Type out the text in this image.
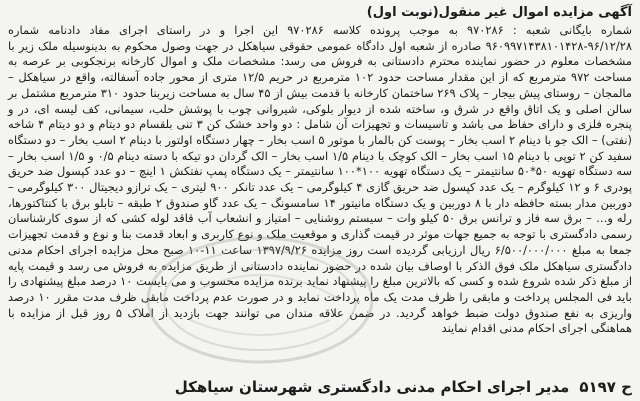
آگهی مزایده اموال غیر منقول(نوبت اول)

شماره بایگانی شعبه : ۹۷۰۲۸۶ به موجب پرونده کلاسه ۹۷۰۲۸۶ این اجرا و در راستای اجرای مفاد دادنامه شماره ۹۶/۱۲/۲۸-۹۶۰۹۹۷۱۴۳۸۱۰۱۴۲۸ صادره از شعبه اول دادگاه عمومی حقوقی سیاهکل در جهت وصول محکوم به بدینوسیله ملک زیر با مشخصات معلوم در حضور نماینده محترم دادستانی به فروش می رسد: مشخصات ملک و اموال کارخانه برنجکوبی بر عرصه به مساحت ۹۷۲ مترمربع که از این مقدار مساحت حدود ۱۰۲ مترمربع در حریم ۱۲/۵ متری از محور جاده آسفالته، واقع در سیاهکل – مالمجان – روستای پیش بیجار – پلاک ۲۶۹ ساختمان کارخانه با قدمت بیش از ۴۵ سال به مساحت زیربنا حدود ۳۱۰ مترمربع مشتمل بر سالن اصلی و یک اتاق واقع در شرق و، ساخته شده از دیوار بلوکی، شیروانی چوب با پوشش حلب، سیمانی، کف لیسه ای، در و پنجره فلزی و دارای حفاظ می باشد و تاسیسات و تجهیزات آن شامل : دو واحد خشک کن ۳ تنی بلقسام دو دیتام و دو دیتام ۴ شاخه (نفتی) – الک جو با دینام ۲ اسب بخار – پوست کن بالمار با موتور ۵ اسب بخار – چهار دستگاه اولتور با دینام ۲ اسب بخار – دو دستگاه سفید کن ۲ توپی با دینام ۱۵ اسب بخار – الک کوچک با دینام ۱/۵ اسب بخار – الک گردان دو تیکه با دسته دینام ۰/۵ و ۱/۵ اسب بخار – سه دستگاه تهویه ۵۰*۵۰ سانتیمتر – یک دستگاه تهویه ۱۰۰*۱۰۰ سانتیمتر – یک دستگاه پمپ نفتکش ۱ اینچ – دو عدد کپسول ضد حریق پودری ۶ و ۱۲ کیلوگرم – یک عدد کپسول ضد حریق گازی ۴ کیلوگرمی – یک عدد تانکر ۹۰۰ لیتری – یک ترازو دیجیتال ۳۰۰ کیلوگرمی – دوربین مدار بسته حافظه دار با ۸ دوربین و یک دستگاه مانیتور ۱۴ سامسونگ – یک عدد گاو صندوق ۲ طبقه – تابلو برق با کنتاکتورها، رله و… – برق سه فاز و ترانس برق ۵۰ کیلو وات – سیستم روشنایی – امتیاز و انشعاب آب قاقد لوله کشی که از سوی کارشناسان رسمی دادگستری با توجه به جمیع جهات موثر در قیمت گذاری و موقعیت ملک و نوع کاربری و ابعاد قدمت بنا و نوع و قدمت تجهیزات جمعا به مبلغ ۶/۵۰۰/۰۰۰/۰۰۰ ریال ارزیابی گردیده است روز مزایده ۱۳۹۷/۹/۲۶ ساعت ۱۱-۱۰ صبح محل مزایده اجرای احکام مدنی دادگستری سیاهکل ملک فوق الذکر با اوصاف بیان شده در حضور نماینده دادستانی از طریق مزایده به فروش می رسد و قیمت پایه از مبلغ ذکر شده شروع شده و کسی که بالاترین مبلغ را پیشنهاد نماید برنده مزایده محسوب و می بایست ۱۰ درصد مبلغ پیشنهادی را باید فی المجلس پرداخت و مابقی را ظرف مدت یک ماه پرداخت نماید و در صورت عدم پرداخت مابقی ظرف مدت مقرر ۱۰ درصد واریزی به نفع صندوق دولت ضبط خواهد گردید. در ضمن علاقه مندان می توانند جهت بازدید از املاک ۵ روز قبل از مزایده با هماهنگی اجرای احکام مدنی اقدام نمایند

ح ۵۱۹۷
مدیر اجرای احکام مدنی دادگستری شهرستان سیاهکل
